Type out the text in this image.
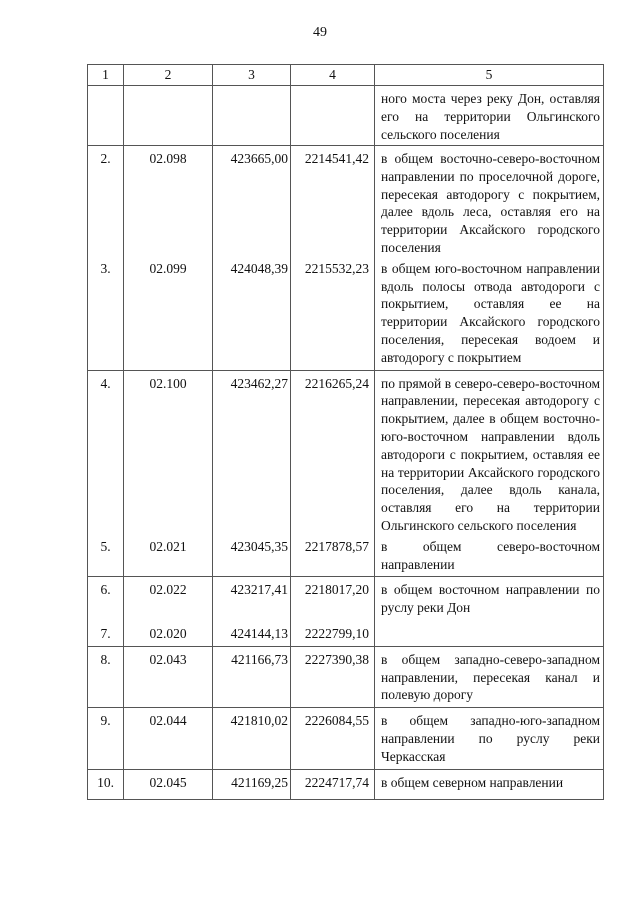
49
1	2	3	4	5
				ного моста через реку Дон, оставляя его на территории Ольгинского сельского поселения
2.	02.098	423665,00	2214541,42	в общем восточно-северо-восточном направлении по проселочной дороге, пересекая автодорогу с покрытием, далее вдоль леса, оставляя его на территории Аксайского городского поселения
3.	02.099	424048,39	2215532,23	в общем юго-восточном направлении вдоль полосы отвода автодороги с покрытием, оставляя ее на территории Аксайского городского поселения, пересекая водоем и автодорогу с покрытием
4.	02.100	423462,27	2216265,24	по прямой в северо-северо-восточном направлении, пересекая автодорогу с покрытием, далее в общем восточно-юго-восточном направлении вдоль автодороги с покрытием, оставляя ее на территории Аксайского городского поселения, далее вдоль канала, оставляя его на территории Ольгинского сельского поселения
5.	02.021	423045,35	2217878,57	в общем северо-восточном направлении
6.	02.022	423217,41	2218017,20	в общем восточном направлении по руслу реки Дон
7.	02.020	424144,13	2222799,10	
8.	02.043	421166,73	2227390,38	в общем западно-северо-западном направлении, пересекая канал и полевую дорогу
9.	02.044	421810,02	2226084,55	в общем западно-юго-западном направлении по руслу реки Черкасская
10.	02.045	421169,25	2224717,74	в общем северном направлении
